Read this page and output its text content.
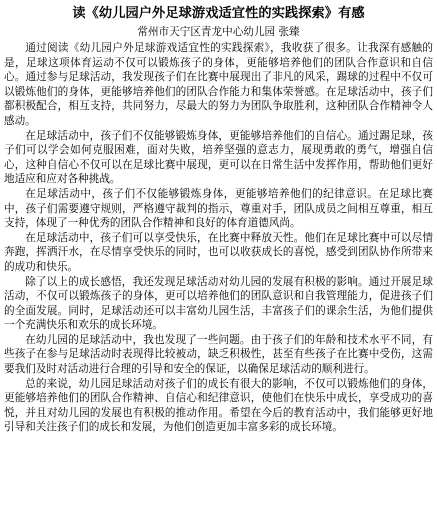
读《幼儿园户外足球游戏适宜性的实践探索》有感
常州市天宁区青龙中心幼儿园 张臻

通过阅读《幼儿园户外足球游戏适宜性的实践探索》，我收获了很多。让我深有感触的是，足球这项体育运动不仅可以锻炼孩子的身体，更能够培养他们的团队合作意识和自信心。通过参与足球活动，我发现孩子们在比赛中展现出了非凡的风采，踢球的过程中不仅可以锻炼他们的身体，更能够培养他们的团队合作能力和集体荣誉感。在足球活动中，孩子们都积极配合，相互支持，共同努力，尽最大的努力为团队争取胜利，这种团队合作精神令人感动。

在足球活动中，孩子们不仅能够锻炼身体，更能够培养他们的自信心。通过踢足球，孩子们可以学会如何克服困难，面对失败，培养坚强的意志力，展现勇敢的勇气，增强自信心，这种自信心不仅可以在足球比赛中展现，更可以在日常生活中发挥作用，帮助他们更好地适应和应对各种挑战。

在足球活动中，孩子们不仅能够锻炼身体，更能够培养他们的纪律意识。在足球比赛中，孩子们需要遵守规则，严格遵守裁判的指示，尊重对手，团队成员之间相互尊重，相互支持，体现了一种优秀的团队合作精神和良好的体育道德风尚。

在足球活动中，孩子们可以享受快乐，在比赛中释放天性。他们在足球比赛中可以尽情奔跑，挥洒汗水，在尽情享受快乐的同时，也可以收获成长的喜悦，感受到团队协作所带来的成功和快乐。

除了以上的成长感悟，我还发现足球活动对幼儿园的发展有积极的影响。通过开展足球活动，不仅可以锻炼孩子的身体，更可以培养他们的团队意识和自我管理能力，促进孩子们的全面发展。同时，足球活动还可以丰富幼儿园生活，丰富孩子们的课余生活，为他们提供一个充满快乐和欢乐的成长环境。

在幼儿园的足球活动中，我也发现了一些问题。由于孩子们的年龄和技术水平不同，有些孩子在参与足球活动时表现得比较被动，缺乏积极性，甚至有些孩子在比赛中受伤，这需要我们及时对活动进行合理的引导和安全的保证，以确保足球活动的顺利进行。

总的来说，幼儿园足球活动对孩子们的成长有很大的影响，不仅可以锻炼他们的身体，更能够培养他们的团队合作精神、自信心和纪律意识，使他们在快乐中成长，享受成功的喜悦，并且对幼儿园的发展也有积极的推动作用。希望在今后的教育活动中，我们能够更好地引导和关注孩子们的成长和发展，为他们创造更加丰富多彩的成长环境。
